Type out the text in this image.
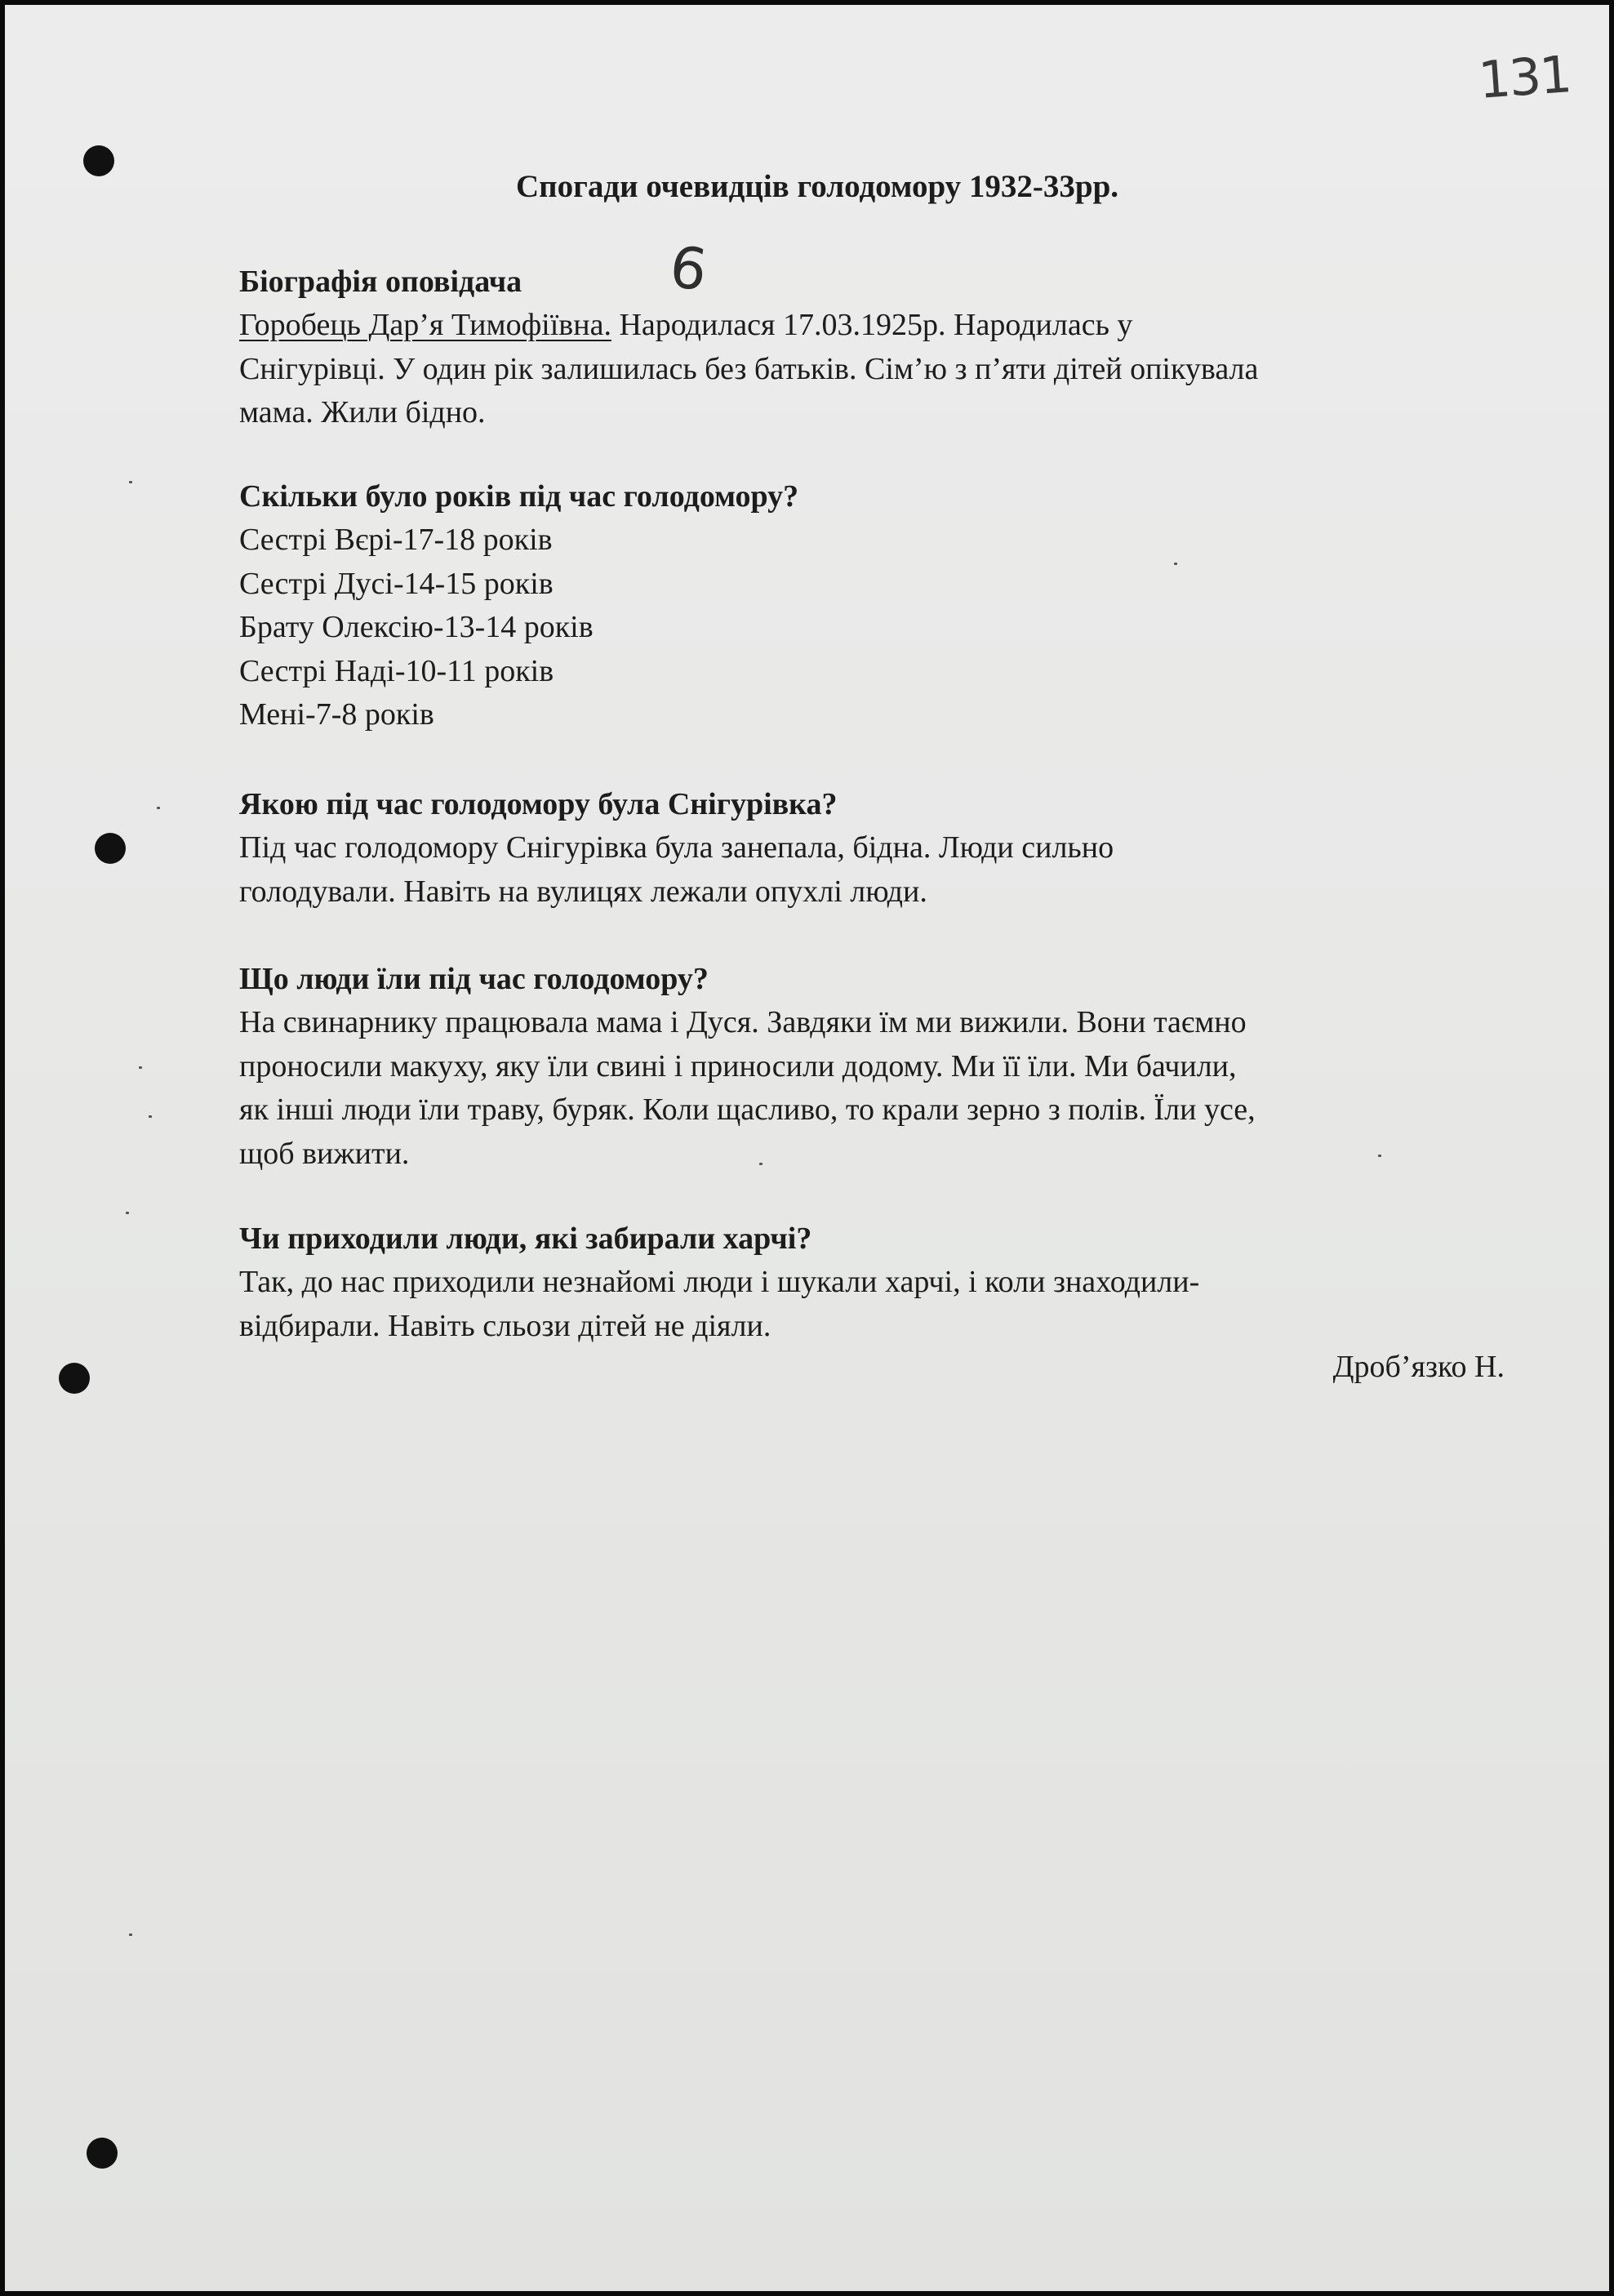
131
Спогади очевидців голодомору 1932-33рр.
6
Біографія оповідача
Горобець Дар’я Тимофіївна. Народилася 17.03.1925р. Народилась у
Снігурівці. У один рік залишилась без батьків. Сім’ю з п’яти дітей опікувала
мама. Жили бідно.
Скільки було років під час голодомору?
Сестрі Вєрі-17-18 років
Сестрі Дусі-14-15 років
Брату Олексію-13-14 років
Сестрі Наді-10-11 років
Мені-7-8 років
Якою під час голодомору була Снігурівка?
Під час голодомору Снігурівка була занепала, бідна. Люди сильно
голодували. Навіть на вулицях лежали опухлі люди.
Що люди їли під час голодомору?
На свинарнику працювала мама і Дуся. Завдяки їм ми вижили. Вони таємно
проносили макуху, яку їли свині і приносили додому. Ми її їли. Ми бачили,
як інші люди їли траву, буряк. Коли щасливо, то крали зерно з полів. Їли усе,
щоб вижити.
Чи приходили люди, які забирали харчі?
Так, до нас приходили незнайомі люди і шукали харчі, і коли знаходили-
відбирали. Навіть сльози дітей не діяли.
Дроб’язко Н.
